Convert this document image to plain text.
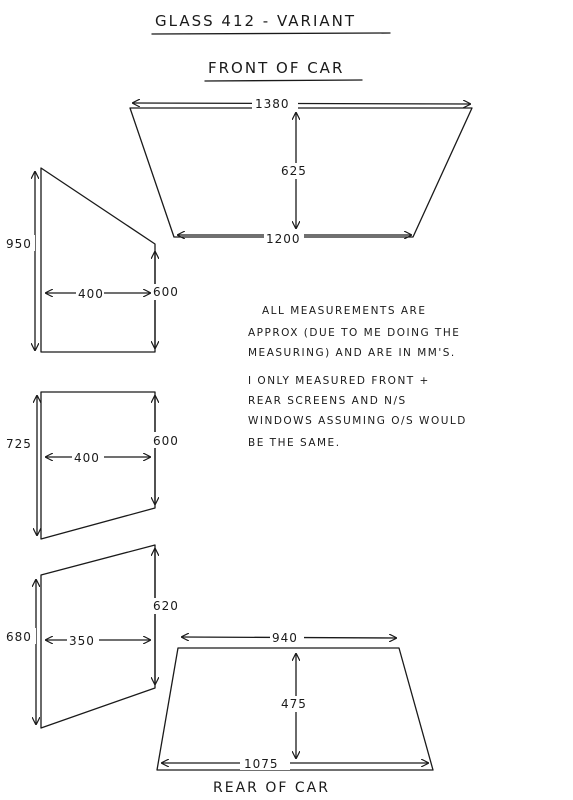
GLASS 412 - VARIANT
FRONT OF CAR
1380
625
1200
950
600
400
725	600
400
680
620
350	940
475
1075
ALL MEASUREMENTS ARE
APPROX (DUE TO ME DOING THE
MEASURING) AND ARE IN MM'S.
I ONLY MEASURED FRONT +
REAR SCREENS AND N/S
WINDOWS ASSUMING O/S WOULD
BE THE SAME.
REAR OF CAR
